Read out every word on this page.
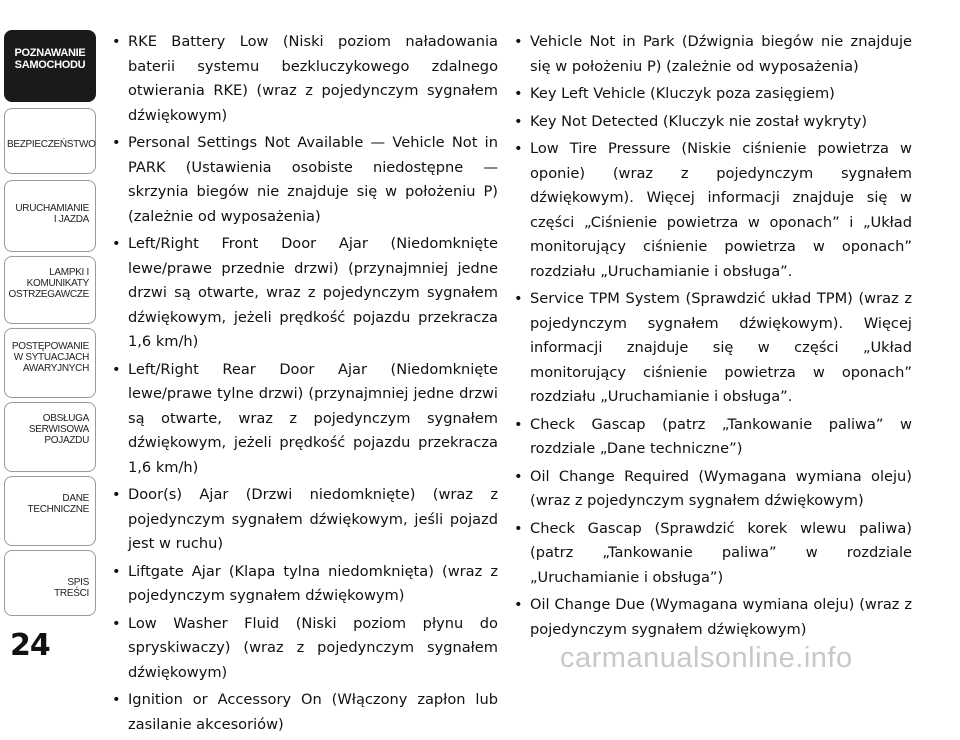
POZNAWANIE
SAMOCHODU
BEZPIECZEŃSTWO
URUCHAMIANIE
I JAZDA
LAMPKI I
KOMUNIKATY
OSTRZEGAWCZE
POSTĘPOWANIE
W SYTUACJACH
AWARYJNYCH
OBSŁUGA
SERWISOWA
POJAZDU
DANE
TECHNICZNE
SPIS
TREŚCI
24
• RKE Battery Low (Niski poziom naładowania baterii systemu bezkluczykowego zdalnego otwierania RKE) (wraz z pojedynczym sygnałem dźwiękowym)
• Personal Settings Not Available — Vehicle Not in PARK (Ustawienia osobiste niedostępne — skrzynia biegów nie znajduje się w położeniu P) (zależnie od wyposażenia)
• Left/Right Front Door Ajar (Niedomknięte lewe/prawe przednie drzwi) (przynajmniej jedne drzwi są otwarte, wraz z pojedynczym sygnałem dźwiękowym, jeżeli prędkość pojazdu przekracza 1,6 km/h)
• Left/Right Rear Door Ajar (Niedomknięte lewe/prawe tylne drzwi) (przynajmniej jedne drzwi są otwarte, wraz z pojedynczym sygnałem dźwiękowym, jeżeli prędkość pojazdu przekracza 1,6 km/h)
• Door(s) Ajar (Drzwi niedomknięte) (wraz z pojedynczym sygnałem dźwiękowym, jeśli pojazd jest w ruchu)
• Liftgate Ajar (Klapa tylna niedomknięta) (wraz z pojedynczym sygnałem dźwiękowym)
• Low Washer Fluid (Niski poziom płynu do spryskiwaczy) (wraz z pojedynczym sygnałem dźwiękowym)
• Ignition or Accessory On (Włączony zapłon lub zasilanie akcesoriów)
• Vehicle Not in Park (Dźwignia biegów nie znajduje się w położeniu P) (zależnie od wyposażenia)
• Key Left Vehicle (Kluczyk poza zasięgiem)
• Key Not Detected (Kluczyk nie został wykryty)
• Low Tire Pressure (Niskie ciśnienie powietrza w oponie) (wraz z pojedynczym sygnałem dźwiękowym). Więcej informacji znajduje się w części „Ciśnienie powietrza w oponach” i „Układ monitorujący ciśnienie powietrza w oponach” rozdziału „Uruchamianie i obsługa”.
• Service TPM System (Sprawdzić układ TPM) (wraz z pojedynczym sygnałem dźwiękowym). Więcej informacji znajduje się w części „Układ monitorujący ciśnienie powietrza w oponach” rozdziału „Uruchamianie i obsługa”.
• Check Gascap (patrz „Tankowanie paliwa” w rozdziale „Dane techniczne”)
• Oil Change Required (Wymagana wymiana oleju) (wraz z pojedynczym sygnałem dźwiękowym)
• Check Gascap (Sprawdzić korek wlewu paliwa) (patrz „Tankowanie paliwa” w rozdziale „Uruchamianie i obsługa”)
• Oil Change Due (Wymagana wymiana oleju) (wraz z pojedynczym sygnałem dźwiękowym)
carmanualsonline.info
